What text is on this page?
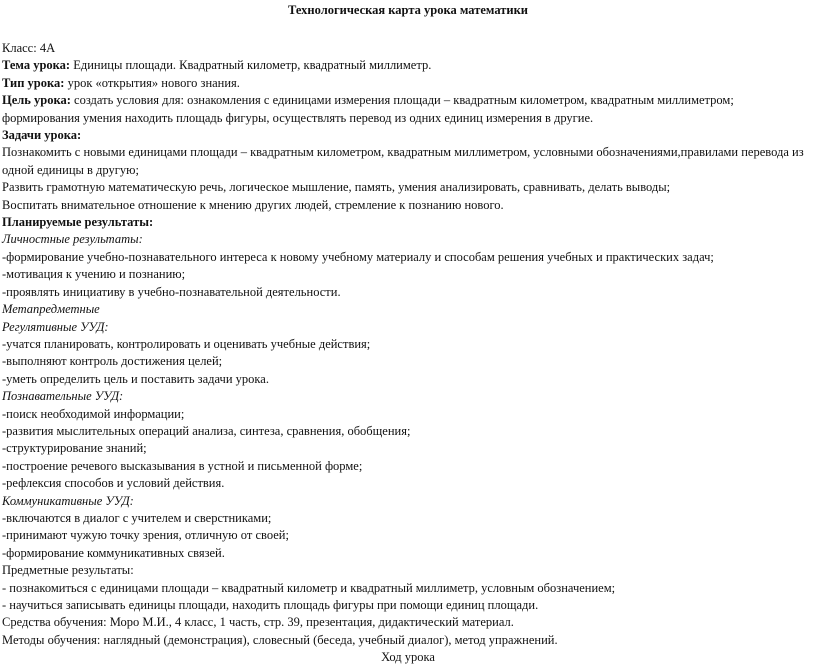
Технологическая карта урока математики
Класс: 4А
Тема урока: Единицы площади. Квадратный километр, квадратный миллиметр.
Тип урока: урок «открытия» нового знания.
Цель урока: создать условия для: ознакомления с единицами измерения площади – квадратным километром, квадратным миллиметром; формирования умения находить площадь фигуры, осуществлять перевод из одних единиц измерения в другие.
Задачи урока:
Познакомить с новыми единицами площади – квадратным километром, квадратным миллиметром, условными обозначениями,правилами перевода из одной единицы в другую;
Развить грамотную математическую речь, логическое мышление, память, умения анализировать, сравнивать, делать выводы;
Воспитать внимательное отношение к мнению других людей, стремление к познанию нового.
Планируемые результаты:
Личностные результаты:
-формирование учебно-познавательного интереса к новому учебному материалу и способам решения учебных и практических задач;
-мотивация к учению и познанию;
-проявлять инициативу в учебно-познавательной деятельности.
Метапредметные
Регулятивные УУД:
-учатся планировать, контролировать и оценивать учебные действия;
-выполняют контроль достижения целей;
-уметь определить цель и поставить задачи урока.
Познавательные УУД:
-поиск необходимой информации;
-развития мыслительных операций анализа, синтеза, сравнения, обобщения;
-структурирование знаний;
-построение речевого высказывания в устной и письменной форме;
-рефлексия способов и условий действия.
Коммуникативные УУД:
-включаются в диалог с учителем и сверстниками;
-принимают чужую точку зрения, отличную от своей;
-формирование коммуникативных связей.
Предметные результаты:
- познакомиться с единицами площади – квадратный километр и квадратный миллиметр, условным обозначением;
- научиться записывать единицы площади, находить площадь фигуры при помощи единиц площади.
Средства обучения: Моро М.И., 4 класс, 1 часть, стр. 39, презентация, дидактический материал.
Методы обучения: наглядный (демонстрация), словесный (беседа, учебный диалог), метод упражнений.
Ход урока
